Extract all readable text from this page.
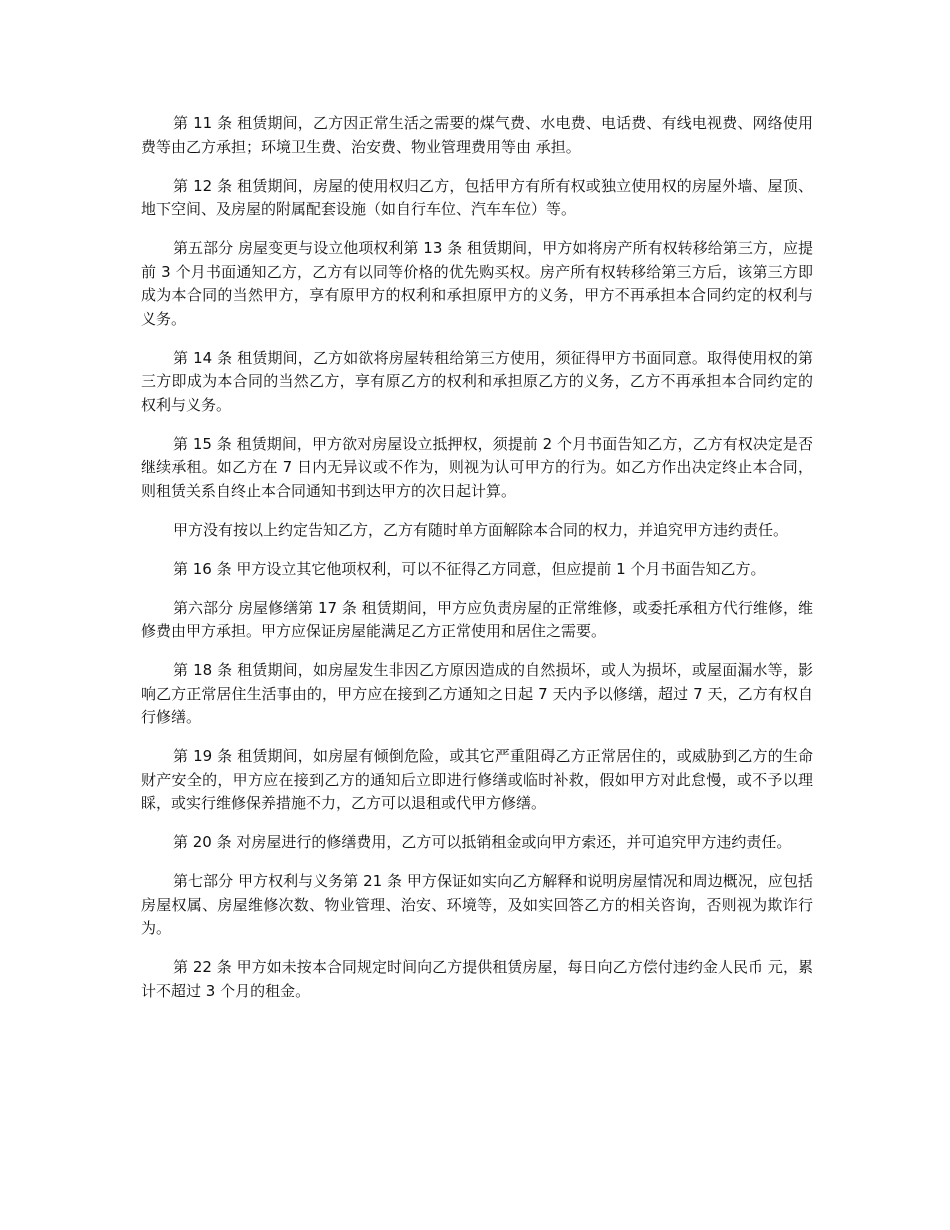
第 11 条 租赁期间，乙方因正常生活之需要的煤气费、水电费、电话费、有线电视费、网络使用费等由乙方承担；环境卫生费、治安费、物业管理费用等由 承担。

第 12 条 租赁期间，房屋的使用权归乙方，包括甲方有所有权或独立使用权的房屋外墙、屋顶、地下空间、及房屋的附属配套设施（如自行车位、汽车车位）等。

第五部分 房屋变更与设立他项权利第 13 条 租赁期间，甲方如将房产所有权转移给第三方，应提前 3 个月书面通知乙方，乙方有以同等价格的优先购买权。房产所有权转移给第三方后，该第三方即成为本合同的当然甲方，享有原甲方的权利和承担原甲方的义务，甲方不再承担本合同约定的权利与义务。

第 14 条 租赁期间，乙方如欲将房屋转租给第三方使用，须征得甲方书面同意。取得使用权的第三方即成为本合同的当然乙方，享有原乙方的权利和承担原乙方的义务，乙方不再承担本合同约定的权利与义务。

第 15 条 租赁期间，甲方欲对房屋设立抵押权，须提前 2 个月书面告知乙方，乙方有权决定是否继续承租。如乙方在 7 日内无异议或不作为，则视为认可甲方的行为。如乙方作出决定终止本合同，则租赁关系自终止本合同通知书到达甲方的次日起计算。

甲方没有按以上约定告知乙方，乙方有随时单方面解除本合同的权力，并追究甲方违约责任。

第 16 条 甲方设立其它他项权利，可以不征得乙方同意，但应提前 1 个月书面告知乙方。

第六部分 房屋修缮第 17 条 租赁期间，甲方应负责房屋的正常维修，或委托承租方代行维修，维修费由甲方承担。甲方应保证房屋能满足乙方正常使用和居住之需要。

第 18 条 租赁期间，如房屋发生非因乙方原因造成的自然损坏，或人为损坏，或屋面漏水等，影响乙方正常居住生活事由的，甲方应在接到乙方通知之日起 7 天内予以修缮，超过 7 天，乙方有权自行修缮。

第 19 条 租赁期间，如房屋有倾倒危险，或其它严重阻碍乙方正常居住的，或威胁到乙方的生命财产安全的，甲方应在接到乙方的通知后立即进行修缮或临时补救，假如甲方对此怠慢，或不予以理睬，或实行维修保养措施不力，乙方可以退租或代甲方修缮。

第 20 条 对房屋进行的修缮费用，乙方可以抵销租金或向甲方索还，并可追究甲方违约责任。

第七部分 甲方权利与义务第 21 条 甲方保证如实向乙方解释和说明房屋情况和周边概况，应包括房屋权属、房屋维修次数、物业管理、治安、环境等，及如实回答乙方的相关咨询，否则视为欺诈行为。

第 22 条 甲方如未按本合同规定时间向乙方提供租赁房屋，每日向乙方偿付违约金人民币 元，累计不超过 3 个月的租金。
